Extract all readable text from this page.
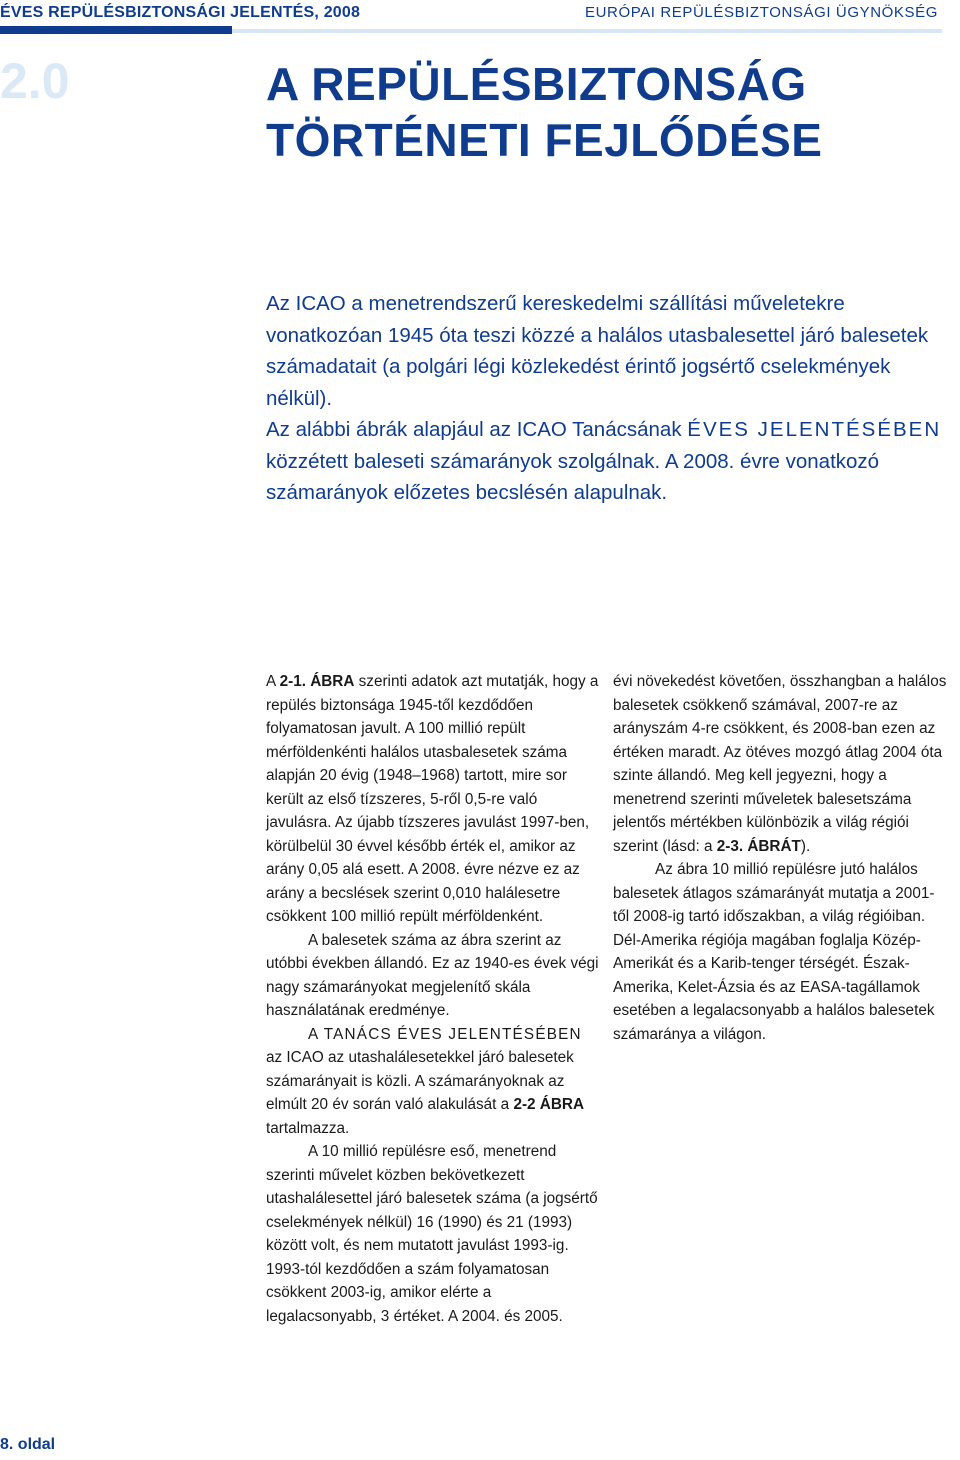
ÉVES REPÜLÉSBIZTONSÁGI JELENTÉS, 2008	EURÓPAI REPÜLÉSBIZTONSÁGI ÜGYNÖKSÉG
2.0	A REPÜLÉSBIZTONSÁG
TÖRTÉNETI FEJLŐDÉSE
Az ICAO a menetrendszerű kereskedelmi szállítási műveletekre
vonatkozóan 1945 óta teszi közzé a halálos utasbalesettel járó balesetek
számadatait (a polgári légi közlekedést érintő jogsértő cselekmények nélkül).
Az alábbi ábrák alapjául az ICAO Tanácsának ÉVES JELENTÉSÉBEN
közzétett baleseti számarányok szolgálnak. A 2008. évre vonatkozó
számarányok előzetes becslésén alapulnak.

A 2-1. ÁBRA szerinti adatok azt mutatják, hogy a repülés biztonsága 1945-től kezdődően folyamatosan javult. A 100 millió repült mérföldenkénti halálos utasbalesetek száma alapján 20 évig (1948–1968) tartott, mire sor került az első tízszeres, 5-ről 0,5-re való javulásra. Az újabb tízszeres javulást 1997-ben, körülbelül 30 évvel később érték el, amikor az arány 0,05 alá esett. A 2008. évre nézve ez az arány a becslések szerint 0,010 halálesetre csökkent 100 millió repült mérföldenként.

A balesetek száma az ábra szerint az utóbbi években állandó. Ez az 1940-es évek végi nagy számarányokat megjelenítő skála használatának eredménye.

A TANÁCS ÉVES JELENTÉSÉBEN az ICAO az utashalálesetekkel járó balesetek számarányait is közli. A számarányoknak az elmúlt 20 év során való alakulását a 2-2 ÁBRA tartalmazza.

A 10 millió repülésre eső, menetrend szerinti művelet közben bekövetkezett utashalálesettel járó balesetek száma (a jogsértő cselekmények nélkül) 16 (1990) és 21 (1993) között volt, és nem mutatott javulást 1993-ig. 1993-tól kezdődően a szám folyamatosan csökkent 2003-ig, amikor elérte a legalacsonyabb, 3 értéket. A 2004. és 2005.

évi növekedést követően, összhangban a halálos balesetek csökkenő számával, 2007-re az arányszám 4-re csökkent, és 2008-ban ezen az értéken maradt. Az ötéves mozgó átlag 2004 óta szinte állandó. Meg kell jegyezni, hogy a menetrend szerinti műveletek balesetszáma jelentős mértékben különbözik a világ régiói szerint (lásd: a 2-3. ÁBRÁT).

Az ábra 10 millió repülésre jutó halálos balesetek átlagos számarányát mutatja a 2001-től 2008-ig tartó időszakban, a világ régióiban. Dél-Amerika régiója magában foglalja Közép-Amerikát és a Karib-tenger térségét. Észak-Amerika, Kelet-Ázsia és az EASA-tagállamok esetében a legalacsonyabb a halálos balesetek számaránya a világon.

8. oldal
